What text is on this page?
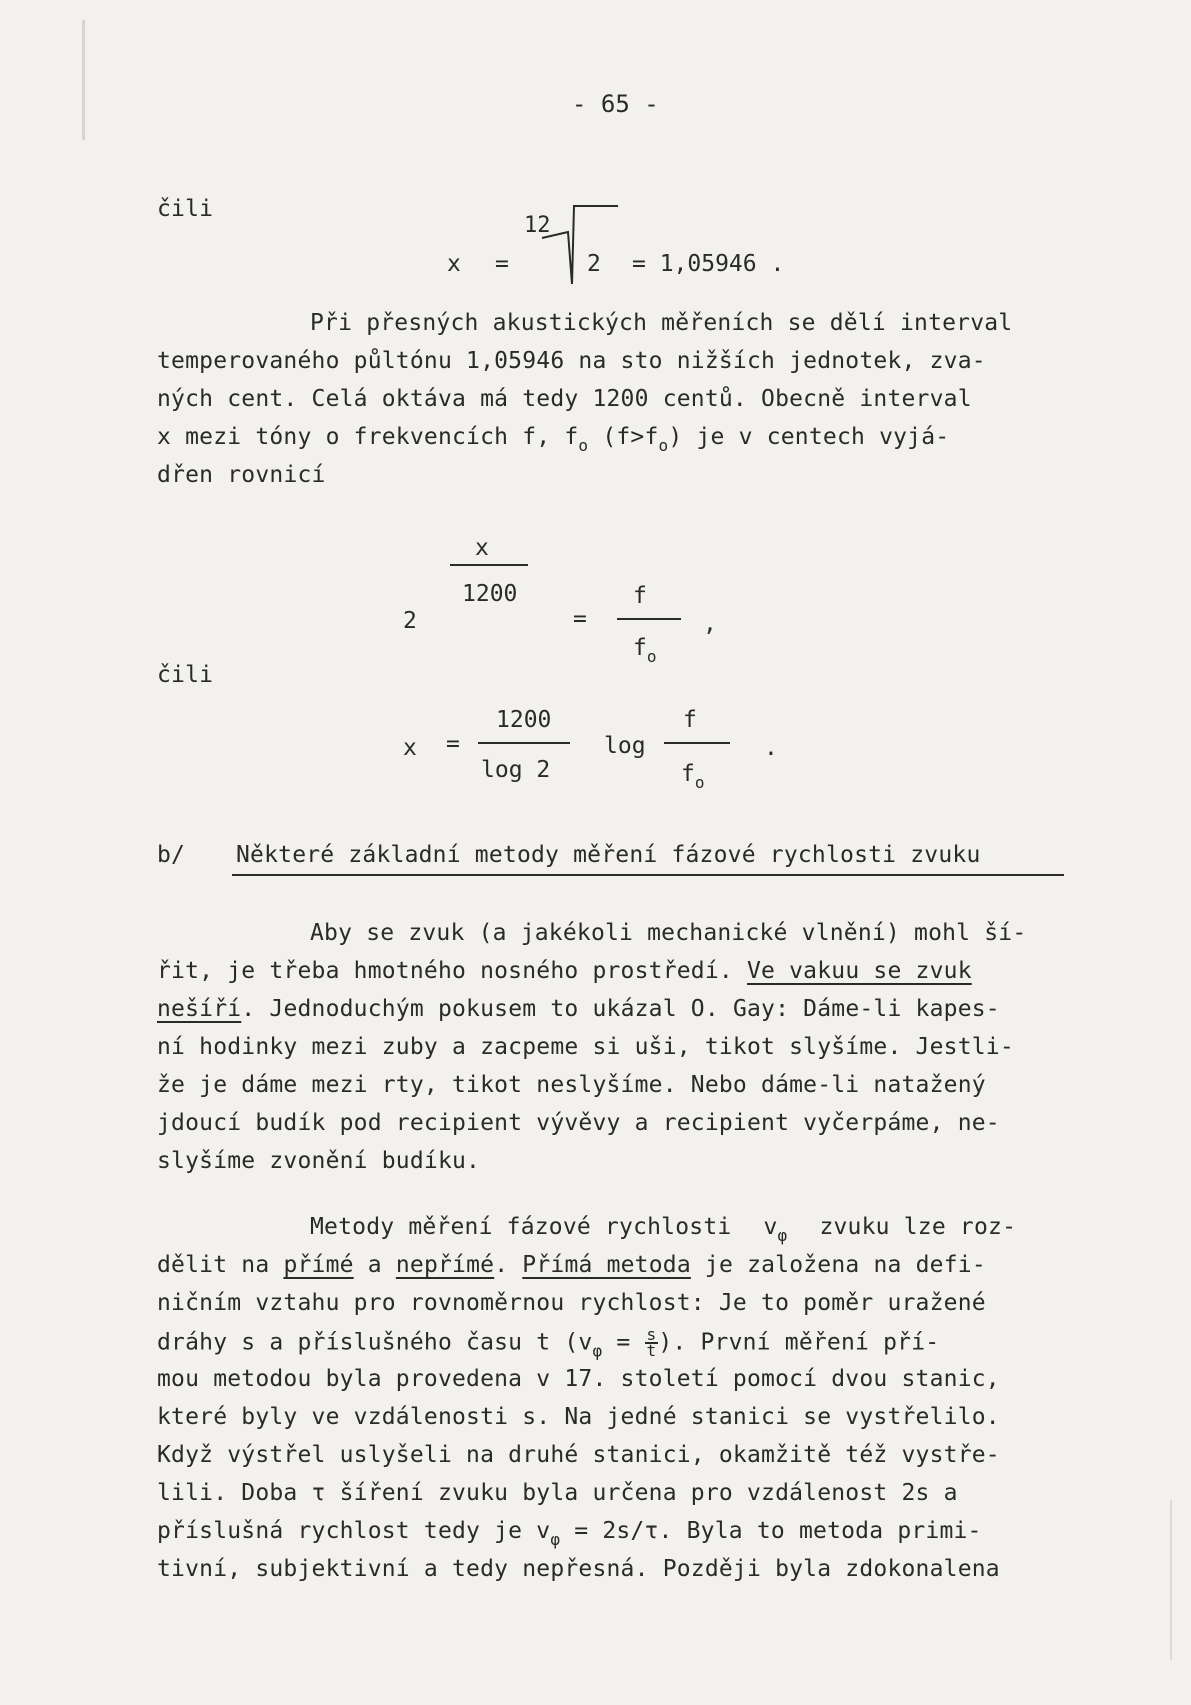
- 65 -
čili
x =
12
2 = 1,05946 .
Při přesných akustických měřeních se dělí interval
temperovaného půltónu 1,05946 na sto nižších jednotek, zva-
ných cent. Celá oktáva má tedy 1200 centů. Obecně interval
x mezi tóny o frekvencích f, $f_o$ $(f>f_o)$ je v centech vyjá-
dřen rovnicí
x
1200
2	=
f
$f_o$
,
čili
x =
1200
log 2
log
f
$f_o$
.
b/ Některé základní metody měření fázové rychlosti zvuku
Aby se zvuk (a jakékoli mechanické vlnění) mohl ší-
řit, je třeba hmotného nosného prostředí. Ve vakuu se zvuk
nešíří. Jednoduchým pokusem to ukázal O. Gay: Dáme-li kapes-
ní hodinky mezi zuby a zacpeme si uši, tikot slyšíme. Jestli-
že je dáme mezi rty, tikot neslyšíme. Nebo dáme-li natažený
jdoucí budík pod recipient vývěvy a recipient vyčerpáme, ne-
slyšíme zvonění budíku.
Metody měření fázové rychlosti $v_\varphi$ zvuku lze roz-
dělit na přímé a nepřímé. Přímá metoda je založena na defi-
ničním vztahu pro rovnoměrnou rychlost: Je to poměr uražené
dráhy s a příslušného času t $(v_\varphi = \frac{s}{t})$. První měření pří-
mou metodou byla provedena v 17. století pomocí dvou stanic,
které byly ve vzdálenosti s. Na jedné stanici se vystřelilo.
Když výstřel uslyšeli na druhé stanici, okamžitě též vystře-
lili. Doba τ šíření zvuku byla určena pro vzdálenost 2s a
příslušná rychlost tedy je $v_\varphi = 2s/\tau$. Byla to metoda primi-
tivní, subjektivní a tedy nepřesná. Později byla zdokonalena
